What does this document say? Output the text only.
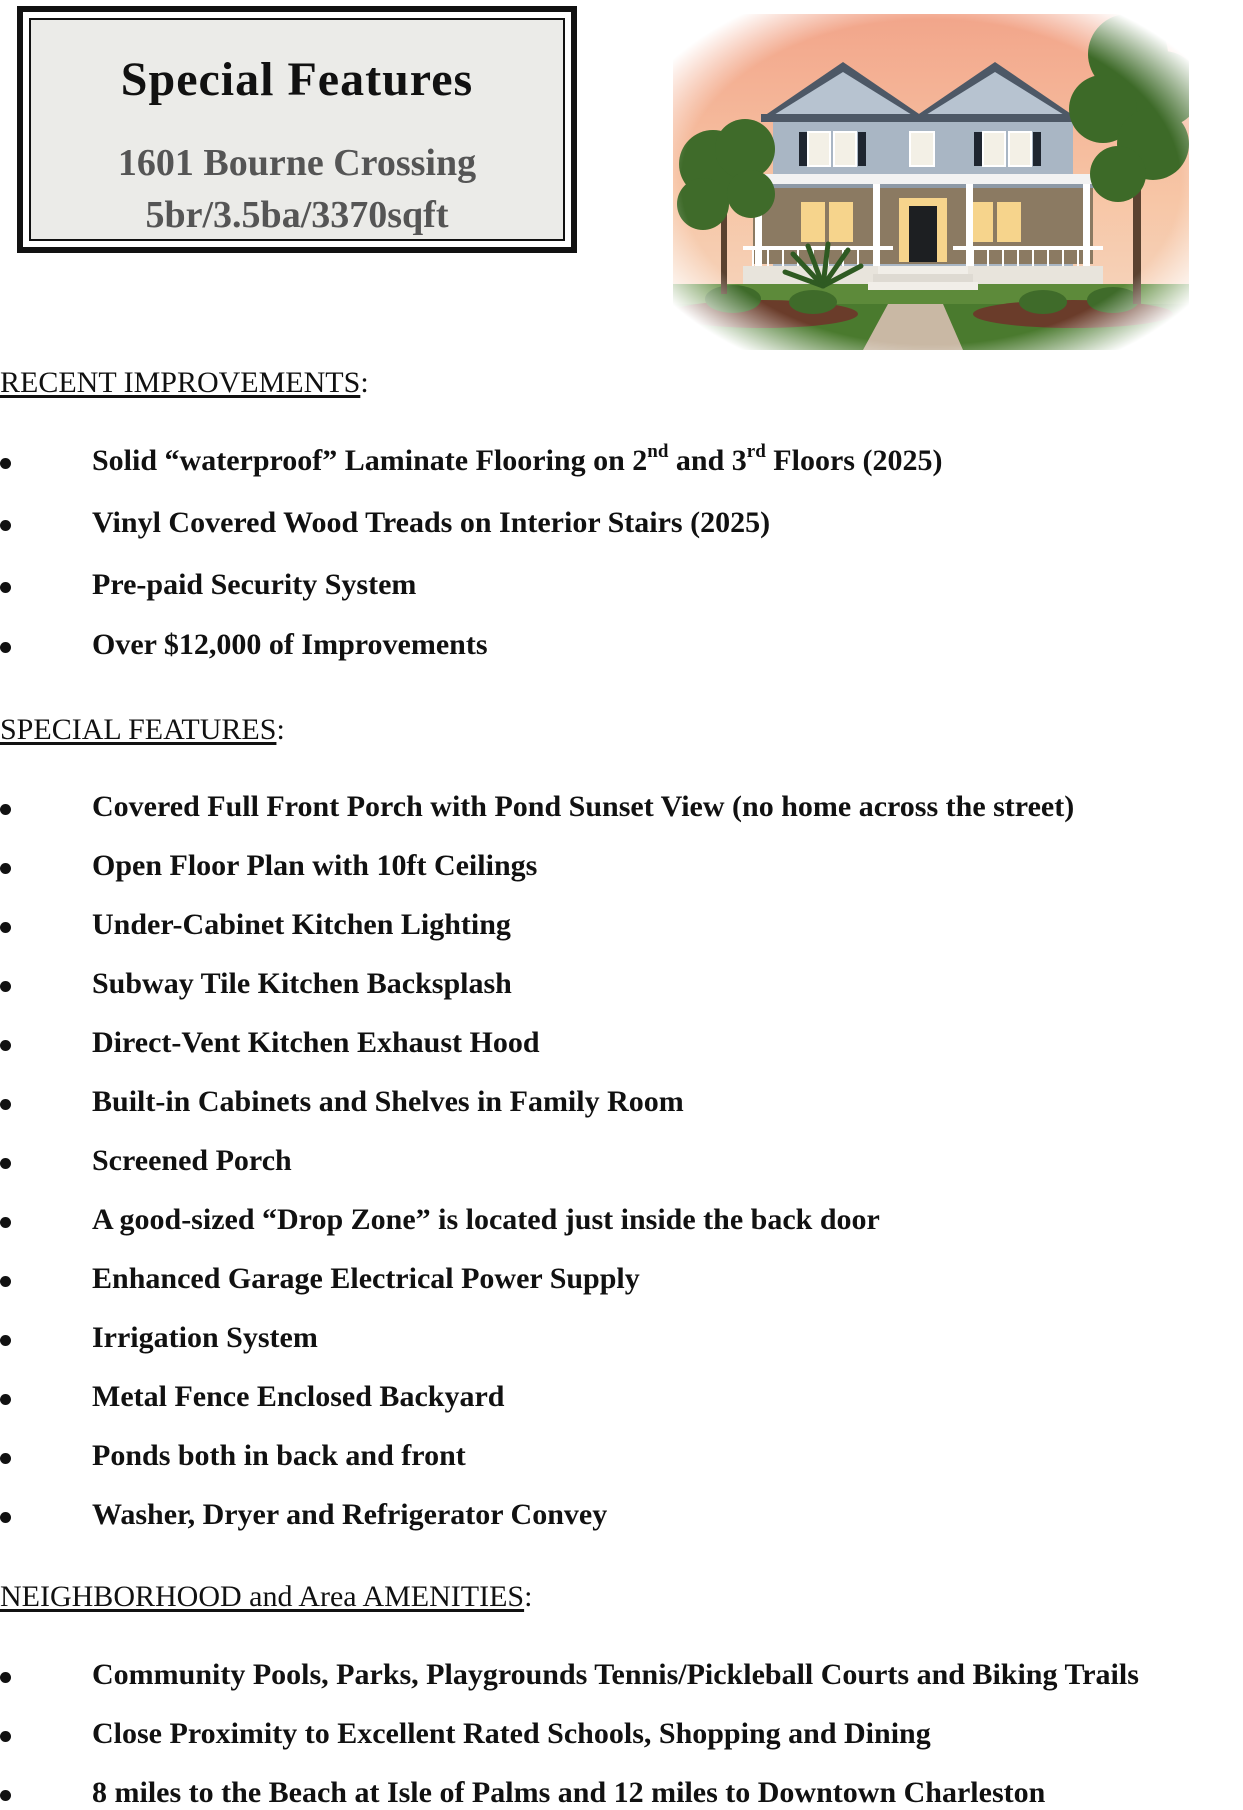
Special Features
1601 Bourne Crossing
5br/3.5ba/3370sqft
RECENT IMPROVEMENTS:
Solid “waterproof” Laminate Flooring on 2nd and 3rd Floors (2025)
Vinyl Covered Wood Treads on Interior Stairs (2025)
Pre-paid Security System
Over $12,000 of Improvements
SPECIAL FEATURES:
Covered Full Front Porch with Pond Sunset View (no home across the street)
Open Floor Plan with 10ft Ceilings
Under-Cabinet Kitchen Lighting
Subway Tile Kitchen Backsplash
Direct-Vent Kitchen Exhaust Hood
Built-in Cabinets and Shelves in Family Room
Screened Porch
A good-sized “Drop Zone” is located just inside the back door
Enhanced Garage Electrical Power Supply
Irrigation System
Metal Fence Enclosed Backyard
Ponds both in back and front
Washer, Dryer and Refrigerator Convey
NEIGHBORHOOD and Area AMENITIES:
Community Pools, Parks, Playgrounds Tennis/Pickleball Courts and Biking Trails
Close Proximity to Excellent Rated Schools, Shopping and Dining
8 miles to the Beach at Isle of Palms and 12 miles to Downtown Charleston
